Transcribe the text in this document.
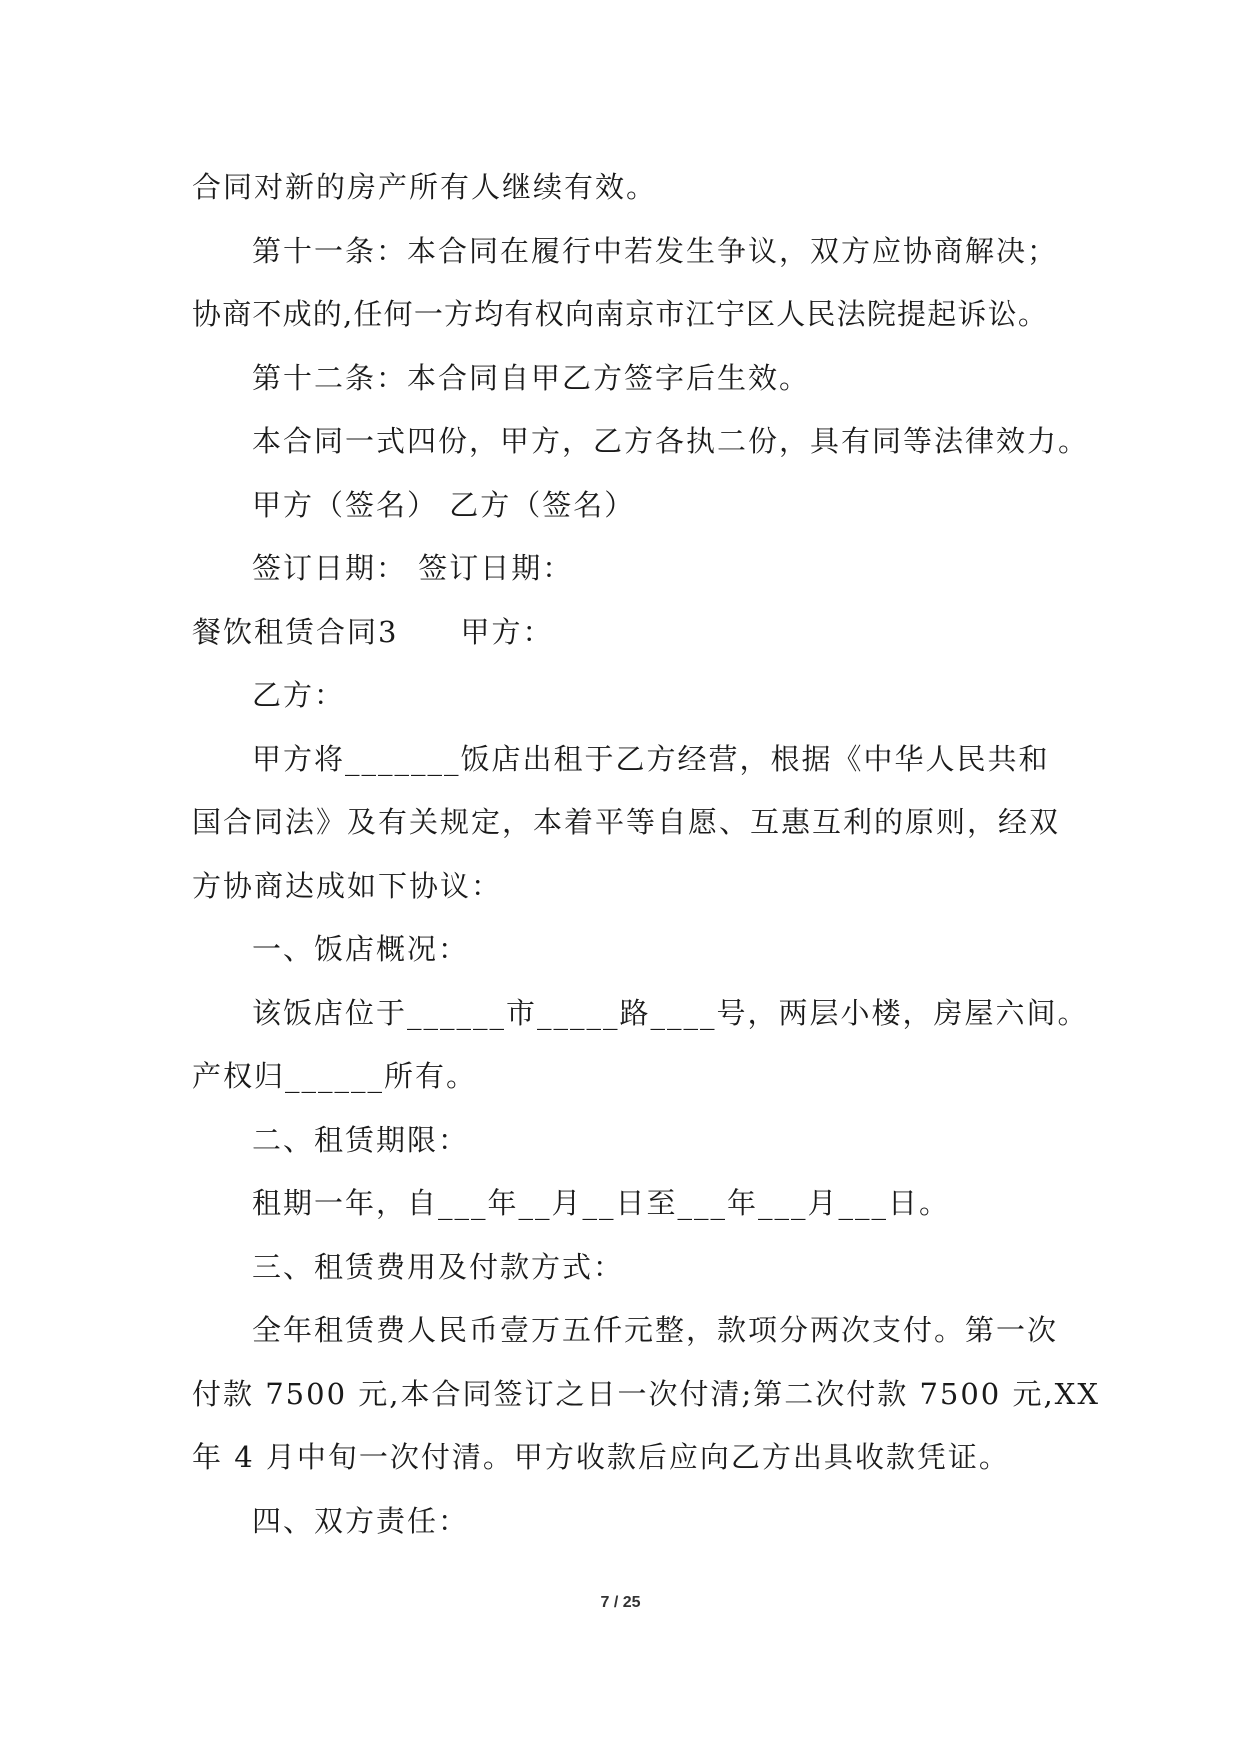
合同对新的房产所有人继续有效。
第十一条：本合同在履行中若发生争议，双方应协商解决；
协商不成的,任何一方均有权向南京市江宁区人民法院提起诉讼。
第十二条：本合同自甲乙方签字后生效。
本合同一式四份，甲方，乙方各执二份，具有同等法律效力。
甲方（签名） 乙方（签名）
签订日期： 签订日期：
餐饮租赁合同3　　甲方：
乙方：
甲方将_______饭店出租于乙方经营，根据《中华人民共和
国合同法》及有关规定，本着平等自愿、互惠互利的原则，经双
方协商达成如下协议：
一、饭店概况：
该饭店位于______市_____路____号，两层小楼，房屋六间。
产权归______所有。
二、租赁期限：
租期一年，自___年__月__日至___年___月___日。
三、租赁费用及付款方式：
全年租赁费人民币壹万五仟元整，款项分两次支付。第一次
付款 7500 元,本合同签订之日一次付清;第二次付款 7500 元,XX
年 4 月中旬一次付清。甲方收款后应向乙方出具收款凭证。
四、双方责任：
7 / 25
